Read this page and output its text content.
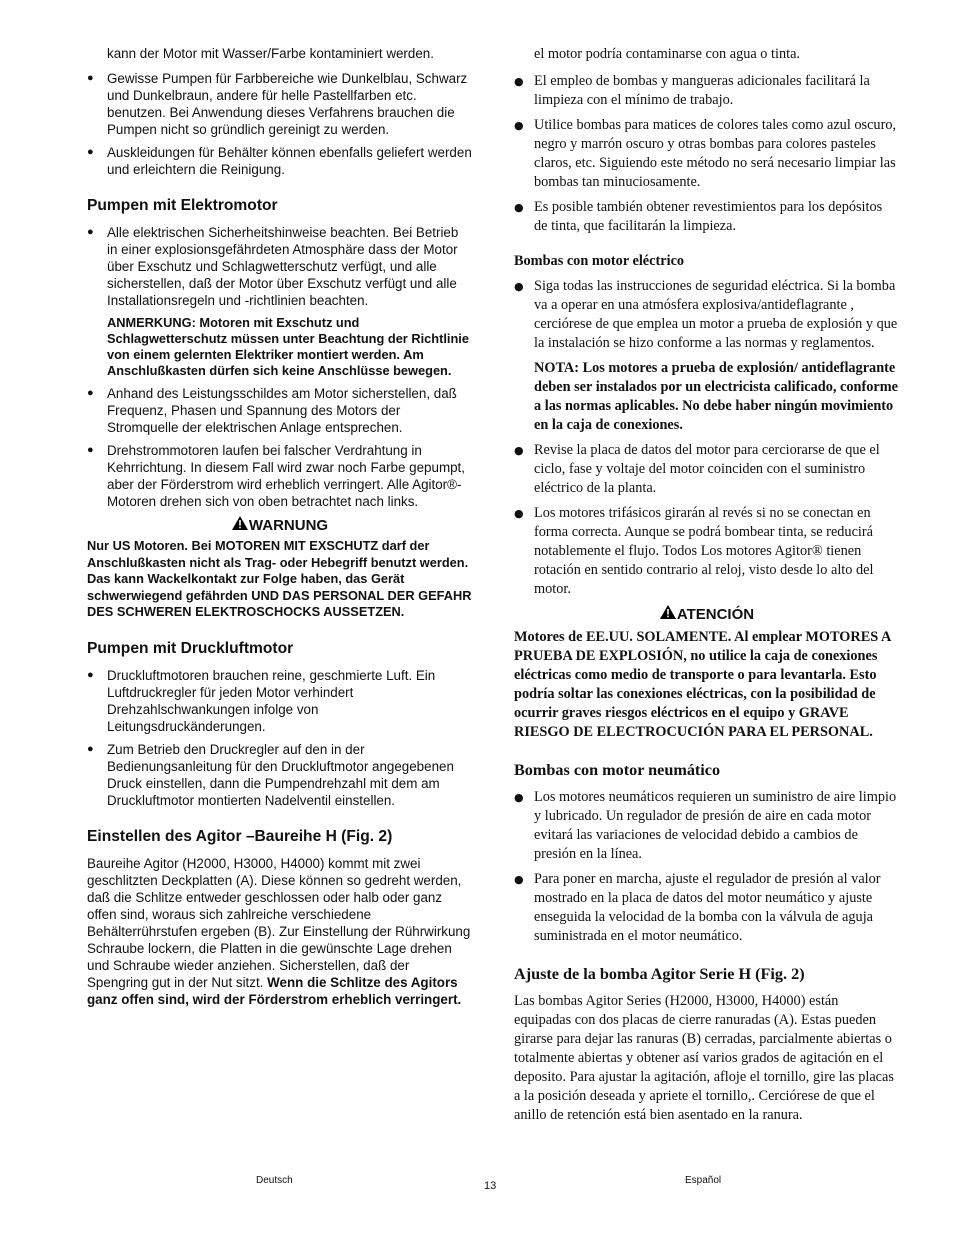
kann der Motor mit Wasser/Farbe kontaminiert werden.

● Gewisse Pumpen für Farbbereiche wie Dunkelblau, Schwarz und Dunkelbraun, andere für helle Pastellfarben etc. benutzen. Bei Anwendung dieses Verfahrens brauchen die Pumpen nicht so gründlich gereinigt zu werden.
● Auskleidungen für Behälter können ebenfalls geliefert werden und erleichtern die Reinigung.
Pumpen mit Elektromotor
● Alle elektrischen Sicherheitshinweise beachten. Bei Betrieb in einer explosionsgefährdeten Atmosphäre dass der Motor über Exschutz und Schlagwetterschutz verfügt, und alle sicherstellen, daß der Motor über Exschutz verfügt und alle Installationsregeln und -richtlinien beachten.

ANMERKUNG: Motoren mit Exschutz und Schlagwetterschutz müssen unter Beachtung der Richtlinie von einem gelernten Elektriker montiert werden. Am Anschlußkasten dürfen sich keine Anschlüsse bewegen.

● Anhand des Leistungsschildes am Motor sicherstellen, daß Frequenz, Phasen und Spannung des Motors der Stromquelle der elektrischen Anlage entsprechen.
● Drehstrommotoren laufen bei falscher Verdrahtung in Kehrrichtung. In diesem Fall wird zwar noch Farbe gepumpt, aber der Förderstrom wird erheblich verringert. Alle Agitor®-Motoren drehen sich von oben betrachtet nach links.
WARNUNG

Nur US Motoren. Bei MOTOREN MIT EXSCHUTZ darf der Anschlußkasten nicht als Trag- oder Hebegriff benutzt werden. Das kann Wackelkontakt zur Folge haben, das Gerät schwerwiegend gefährden UND DAS PERSONAL DER GEFAHR DES SCHWEREN ELEKTROSCHOCKS AUSSETZEN.

Pumpen mit Druckluftmotor
● Druckluftmotoren brauchen reine, geschmierte Luft. Ein Luftdruckregler für jeden Motor verhindert Drehzahlschwankungen infolge von Leitungsdruckänderungen.
● Zum Betrieb den Druckregler auf den in der Bedienungsanleitung für den Druckluftmotor angegebenen Druck einstellen, dann die Pumpendrehzahl mit dem am Druckluftmotor montierten Nadelventil einstellen.
Einstellen des Agitor –Baureihe H (Fig. 2)

Baureihe Agitor (H2000, H3000, H4000) kommt mit zwei geschlitzten Deckplatten (A). Diese können so gedreht werden, daß die Schlitze entweder geschlossen oder halb oder ganz offen sind, woraus sich zahlreiche verschiedene Behälterrührstufen ergeben (B). Zur Einstellung der Rührwirkung Schraube lockern, die Platten in die gewünschte Lage drehen und Schraube wieder anziehen. Sicherstellen, daß der Spengring gut in der Nut sitzt. Wenn die Schlitze des Agitors ganz offen sind, wird der Förderstrom erheblich verringert.

el motor podría contaminarse con agua o tinta.

● El empleo de bombas y mangueras adicionales facilitará la limpieza con el mínimo de trabajo.
● Utilice bombas para matices de colores tales como azul oscuro, negro y marrón oscuro y otras bombas para colores pasteles claros, etc. Siguiendo este método no será necesario limpiar las bombas tan minuciosamente.
● Es posible también obtener revestimientos para los depósitos de tinta, que facilitarán la limpieza.
Bombas con motor eléctrico
● Siga todas las instrucciones de seguridad eléctrica. Si la bomba va a operar en una atmósfera explosiva/antideflagrante , cerciórese de que emplea un motor a prueba de explosión y que la instalación se hizo conforme a las normas y reglamentos.

NOTA: Los motores a prueba de explosión/ antideflagrante deben ser instalados por un electricista calificado, conforme a las normas aplicables. No debe haber ningún movimiento en la caja de conexiones.

● Revise la placa de datos del motor para cerciorarse de que el ciclo, fase y voltaje del motor coinciden con el suministro eléctrico de la planta.
● Los motores trifásicos girarán al revés si no se conectan en forma correcta. Aunque se podrá bombear tinta, se reducirá notablemente el flujo. Todos Los motores Agitor® tienen rotación en sentido contrario al reloj, visto desde lo alto del motor.
ATENCIÓN

Motores de EE.UU. SOLAMENTE. Al emplear MOTORES A PRUEBA DE EXPLOSIÓN, no utilice la caja de conexiones eléctricas como medio de transporte o para levantarla. Esto podría soltar las conexiones eléctricas, con la posibilidad de ocurrir graves riesgos eléctricos en el equipo y GRAVE RIESGO DE ELECTROCUCIÓN PARA EL PERSONAL.

Bombas con motor neumático
● Los motores neumáticos requieren un suministro de aire limpio y lubricado. Un regulador de presión de aire en cada motor evitará las variaciones de velocidad debido a cambios de presión en la línea.
● Para poner en marcha, ajuste el regulador de presión al valor mostrado en la placa de datos del motor neumático y ajuste enseguida la velocidad de la bomba con la válvula de aguja suministrada en el motor neumático.
Ajuste de la bomba Agitor Serie H (Fig. 2)

Las bombas Agitor Series (H2000, H3000, H4000) están equipadas con dos placas de cierre ranuradas (A). Estas pueden girarse para dejar las ranuras (B) cerradas, parcialmente abiertas o totalmente abiertas y obtener así varios grados de agitación en el deposito. Para ajustar la agitación, afloje el tornillo, gire las placas a la posición deseada y apriete el tornillo,. Cerciórese de que el anillo de retención está bien asentado en la ranura.

Deutsch	13	Español
